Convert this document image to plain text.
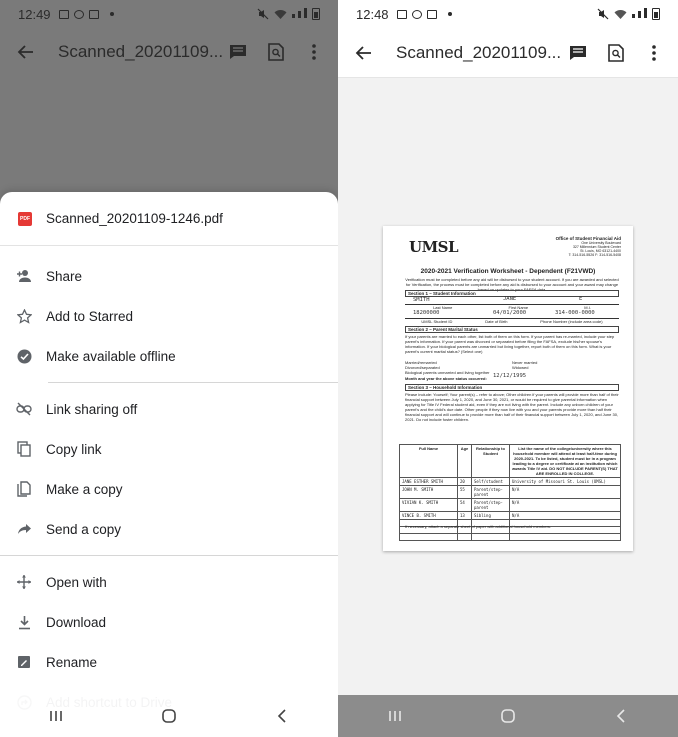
12:49

Scanned_20201109...
PDF Scanned_20201109-1246.pdf
Share
Add to Starred
Make available offline
Link sharing off
Copy link
Make a copy
Send a copy
Open with
Download
Rename
12:48

Scanned_20201109...
UMSL	Office of Student Financial Aid
One University Boulevard
327 Millennium Student Center
St. Louis, MO 63121-4400
T: 314-516-5526 F: 314-516-5408
2020-2021 Verification Worksheet - Dependent (F21VWD)
Verification must be completed before any aid will be disbursed to your student account. If you are awarded and selected for Verification, the process must be completed before any aid is disbursed to your account and your award may change based on updates to your FAFSA data.
Section 1 – Student Information
SMITH	JANE	E
Last Name	First Name	M.I.
18200000	04/01/2000	314-000-0000
UMSL Student ID	Date of Birth	Phone Number (include area code)
Section 2 – Parent Marital Status
If your parents are married to each other, list both of them on this form. If your parent has re-married, include your step parent's information. If your parent was divorced or separated before filing the FAFSA, exclude his/her spouse's information. If your biological parents are unmarried but living together, report both of them on this form. What is your parent's current marital status? (Select one)
Married/remarried	Never married
Divorced/separated	Widowed
Biological parents unmarried and living together
Month and year the above status occurred:	12/12/1995
Section 3 – Household Information
Please include: Yourself; Your parent(s) – refer to above; Other children if your parents will provide more than half of their financial support between July 1, 2020, and June 30, 2021, or would be required to give parental information when applying for Title IV Federal student aid, even if they are not living with the parent. Include any unborn children of your parent's and the child's due date. Other people if they now live with you and your parents provide more than half their financial support and will continue to provide more than half of their financial support between July 1, 2020, and June 30, 2021. Do not include foster children.
Full Name	Age	Relationship to Student	List the name of the college/university where this household member will attend at least half-time during 2020-2021. To be listed, student must be in a program leading to a degree or certificate at an institution which awards Title IV aid. DO NOT INCLUDE PARENT(S) THAT ARE ENROLLED IN COLLEGE.
JANE ESTHER SMITH	20	Self/student	University of Missouri St. Louis (UMSL)
JOHN M. SMITH	55	Parent/step-parent	N/A
VIVIAN K. SMITH	54	Parent/step-parent	N/A
VINCE B. SMITH	13	Sibling	N/A

If necessary, attach a separate sheet of paper with additional household members.
